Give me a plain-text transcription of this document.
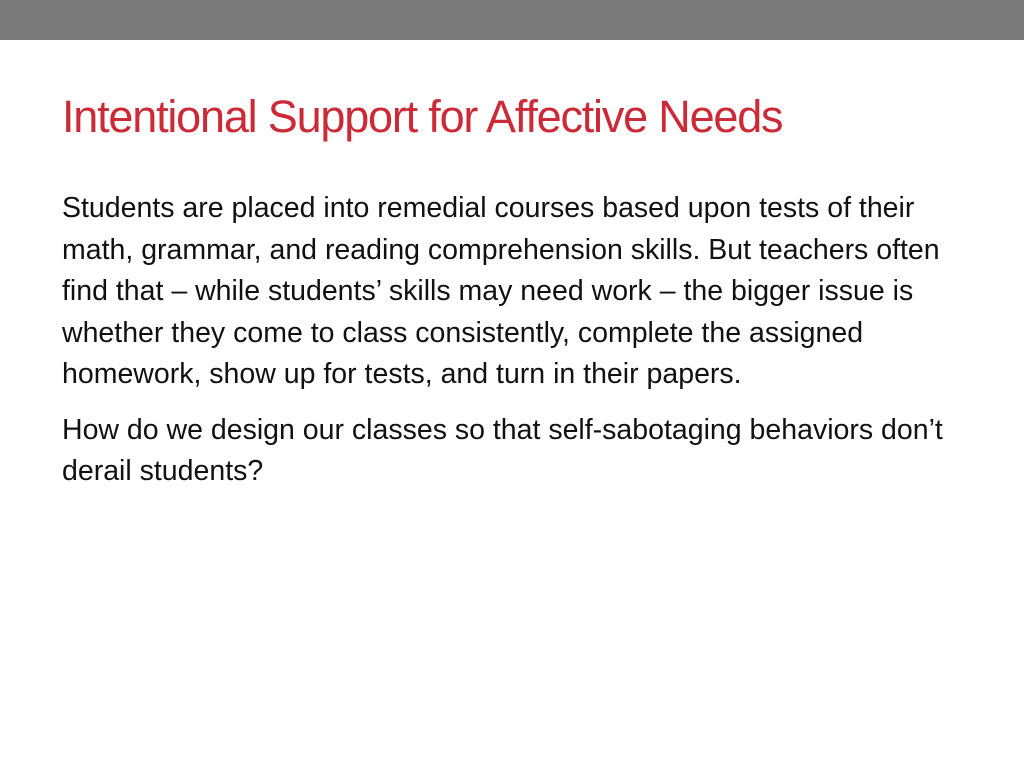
Intentional Support for Affective Needs

Students are placed into remedial courses based upon tests of their math, grammar, and reading comprehension skills. But teachers often find that – while students’ skills may need work – the bigger issue is whether they come to class consistently, complete the assigned homework, show up for tests, and turn in their papers.

How do we design our classes so that self-sabotaging behaviors don’t derail students?
